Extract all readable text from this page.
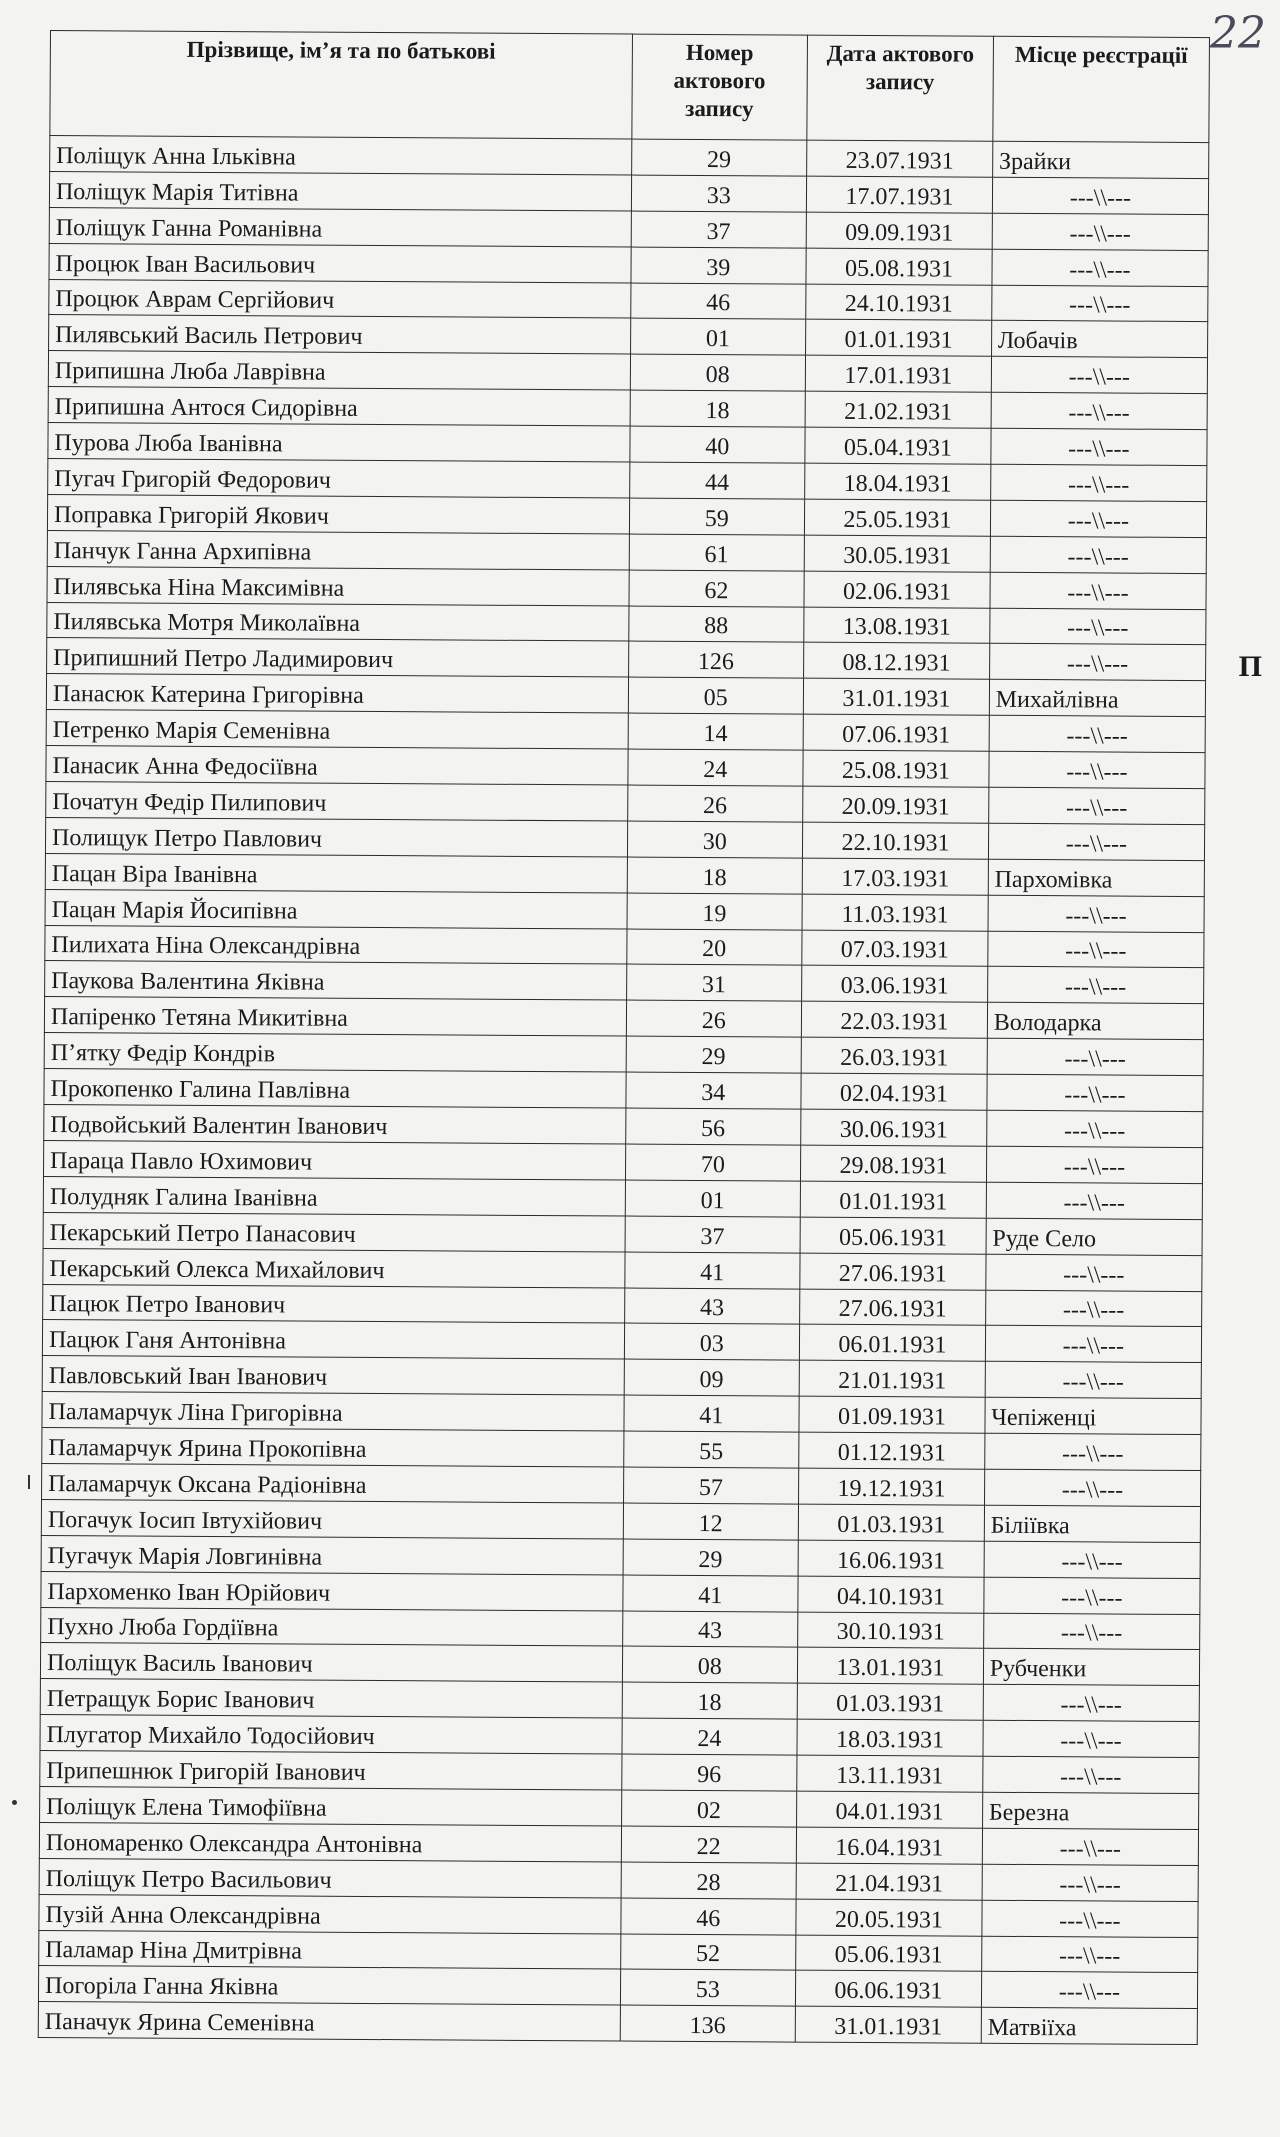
22
П
Прізвище, ім’я та по батькові	Номер актового запису	Дата актового запису	Місце реєстрації
Поліщук Анна Ільківна	29	23.07.1931	Зрайки
Поліщук Марія Титівна	33	17.07.1931	---\\---
Поліщук Ганна Романівна	37	09.09.1931	---\\---
Процюк Іван Васильович	39	05.08.1931	---\\---
Процюк Аврам Сергійович	46	24.10.1931	---\\---
Пилявський Василь Петрович	01	01.01.1931	Лобачів
Припишна Люба Лаврівна	08	17.01.1931	---\\---
Припишна Антося Сидорівна	18	21.02.1931	---\\---
Пурова Люба Іванівна	40	05.04.1931	---\\---
Пугач Григорій Федорович	44	18.04.1931	---\\---
Поправка Григорій Якович	59	25.05.1931	---\\---
Панчук Ганна Архипівна	61	30.05.1931	---\\---
Пилявська Ніна Максимівна	62	02.06.1931	---\\---
Пилявська Мотря Миколаївна	88	13.08.1931	---\\---
Припишний Петро Ладимирович	126	08.12.1931	---\\---
Панасюк Катерина Григорівна	05	31.01.1931	Михайлівна
Петренко Марія Семенівна	14	07.06.1931	---\\---
Панасик Анна Федосіївна	24	25.08.1931	---\\---
Початун Федір Пилипович	26	20.09.1931	---\\---
Полищук Петро Павлович	30	22.10.1931	---\\---
Пацан Віра Іванівна	18	17.03.1931	Пархомівка
Пацан Марія Йосипівна	19	11.03.1931	---\\---
Пилихата Ніна Олександрівна	20	07.03.1931	---\\---
Паукова Валентина Яківна	31	03.06.1931	---\\---
Папіренко Тетяна Микитівна	26	22.03.1931	Володарка
П’ятку Федір Кондрів	29	26.03.1931	---\\---
Прокопенко Галина Павлівна	34	02.04.1931	---\\---
Подвойський Валентин Іванович	56	30.06.1931	---\\---
Параца Павло Юхимович	70	29.08.1931	---\\---
Полудняк Галина Іванівна	01	01.01.1931	---\\---
Пекарський Петро Панасович	37	05.06.1931	Руде Село
Пекарський Олекса Михайлович	41	27.06.1931	---\\---
Пацюк Петро Іванович	43	27.06.1931	---\\---
Пацюк Ганя Антонівна	03	06.01.1931	---\\---
Павловський Іван Іванович	09	21.01.1931	---\\---
Паламарчук Ліна Григорівна	41	01.09.1931	Чепіженці
Паламарчук Ярина Прокопівна	55	01.12.1931	---\\---
Паламарчук Оксана Радіонівна	57	19.12.1931	---\\---
Погачук Іосип Івтухійович	12	01.03.1931	Біліївка
Пугачук Марія Ловгинівна	29	16.06.1931	---\\---
Пархоменко Іван Юрійович	41	04.10.1931	---\\---
Пухно Люба Гордіївна	43	30.10.1931	---\\---
Поліщук Василь Іванович	08	13.01.1931	Рубченки
Петращук Борис Іванович	18	01.03.1931	---\\---
Плугатор Михайло Тодосійович	24	18.03.1931	---\\---
Припешнюк Григорій Іванович	96	13.11.1931	---\\---
Поліщук Елена Тимофіївна	02	04.01.1931	Березна
Пономаренко Олександра Антонівна	22	16.04.1931	---\\---
Поліщук Петро Васильович	28	21.04.1931	---\\---
Пузій Анна Олександрівна	46	20.05.1931	---\\---
Паламар Ніна Дмитрівна	52	05.06.1931	---\\---
Погоріла Ганна Яківна	53	06.06.1931	---\\---
Паначук Ярина Семенівна	136	31.01.1931	Матвіїха
